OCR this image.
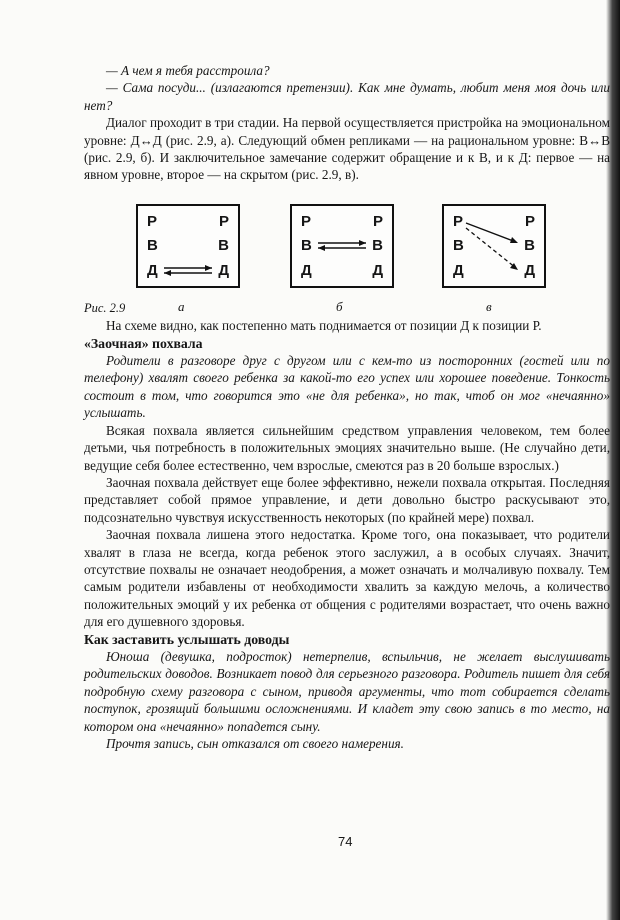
— А чем я тебя расстроила?

— Сама посуди... (излагаются претензии). Как мне думать, любит меня моя дочь или нет?

Диалог проходит в три стадии. На первой осуществляется пристройка на эмоциональном уровне: Д↔Д (рис. 2.9, а). Следующий обмен репликами — на рациональном уровне: В↔В (рис. 2.9, б). И заключительное замечание содержит обращение и к В, и к Д: первое — на явном уровне, второе — на скрытом (рис. 2.9, в).

Р	Р
В	В
Д	Д
Р	Р
В	В
Д	Д
Р	Р
В	В
Д	Д
а	б	в

Рис. 2.9

На схеме видно, как постепенно мать поднимается от позиции Д к позиции Р.

«Заочная» похвала

Родители в разговоре друг с другом или с кем-то из посторонних (гостей или по телефону) хвалят своего ребенка за какой-то его успех или хорошее поведение. Тонкость состоит в том, что говорится это «не для ребенка», но так, чтоб он мог «нечаянно» услышать.

Всякая похвала является сильнейшим средством управления человеком, тем более детьми, чья потребность в положительных эмоциях значительно выше. (Не случайно дети, ведущие себя более естественно, чем взрослые, смеются раз в 20 больше взрослых.)

Заочная похвала действует еще более эффективно, нежели похвала открытая. Последняя представляет собой прямое управление, и дети довольно быстро раскусывают это, подсознательно чувствуя искусственность некоторых (по крайней мере) похвал.

Заочная похвала лишена этого недостатка. Кроме того, она показывает, что родители хвалят в глаза не всегда, когда ребенок этого заслужил, а в особых случаях. Значит, отсутствие похвалы не означает неодобрения, а может означать и молчаливую похвалу. Тем самым родители избавлены от необходимости хвалить за каждую мелочь, а количество положительных эмоций у их ребенка от общения с родителями возрастает, что очень важно для его душевного здоровья.

Как заставить услышать доводы

Юноша (девушка, подросток) нетерпелив, вспыльчив, не желает выслушивать родительских доводов. Возникает повод для серьезного разговора. Родитель пишет для себя подробную схему разговора с сыном, приводя аргументы, что тот собирается сделать поступок, грозящий большими осложнениями. И кладет эту свою запись в то место, на котором она «нечаянно» попадется сыну.

Прочтя запись, сын отказался от своего намерения.

74
